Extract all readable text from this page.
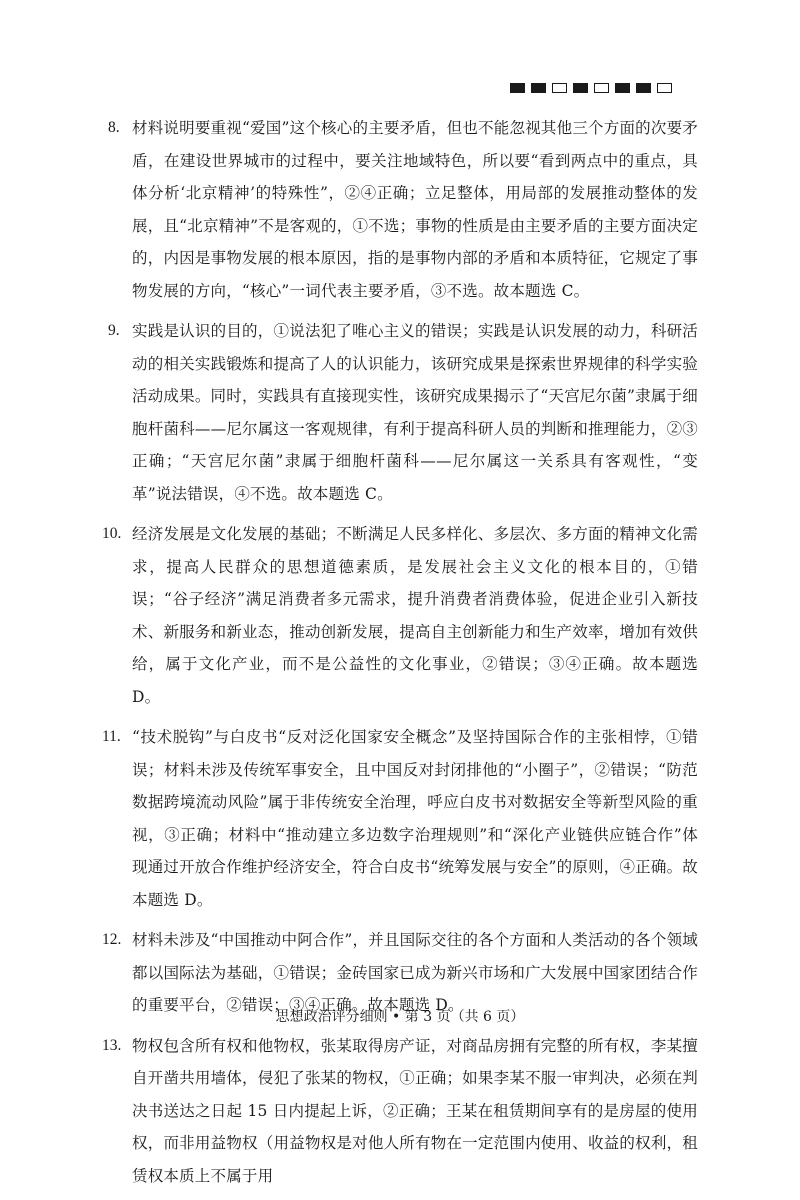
8. 材料说明要重视“爱国”这个核心的主要矛盾，但也不能忽视其他三个方面的次要矛盾，在建设世界城市的过程中，要关注地域特色，所以要“看到两点中的重点，具体分析‘北京精神’的特殊性”，②④正确；立足整体，用局部的发展推动整体的发展，且“北京精神”不是客观的，①不选；事物的性质是由主要矛盾的主要方面决定的，内因是事物发展的根本原因，指的是事物内部的矛盾和本质特征，它规定了事物发展的方向，“核心”一词代表主要矛盾，③不选。故本题选 C。
9. 实践是认识的目的，①说法犯了唯心主义的错误；实践是认识发展的动力，科研活动的相关实践锻炼和提高了人的认识能力，该研究成果是探索世界规律的科学实验活动成果。同时，实践具有直接现实性，该研究成果揭示了“天宫尼尔菌”隶属于细胞杆菌科——尼尔属这一客观规律，有利于提高科研人员的判断和推理能力，②③正确；“天宫尼尔菌”隶属于细胞杆菌科——尼尔属这一关系具有客观性，“变革”说法错误，④不选。故本题选 C。
10. 经济发展是文化发展的基础；不断满足人民多样化、多层次、多方面的精神文化需求，提高人民群众的思想道德素质，是发展社会主义文化的根本目的，①错误；“谷子经济”满足消费者多元需求，提升消费者消费体验，促进企业引入新技术、新服务和新业态，推动创新发展，提高自主创新能力和生产效率，增加有效供给，属于文化产业，而不是公益性的文化事业，②错误；③④正确。故本题选 D。
11. “技术脱钩”与白皮书“反对泛化国家安全概念”及坚持国际合作的主张相悖，①错误；材料未涉及传统军事安全，且中国反对封闭排他的“小圈子”，②错误；“防范数据跨境流动风险”属于非传统安全治理，呼应白皮书对数据安全等新型风险的重视，③正确；材料中“推动建立多边数字治理规则”和“深化产业链供应链合作”体现通过开放合作维护经济安全，符合白皮书“统筹发展与安全”的原则，④正确。故本题选 D。
12. 材料未涉及“中国推动中阿合作”，并且国际交往的各个方面和人类活动的各个领域都以国际法为基础，①错误；金砖国家已成为新兴市场和广大发展中国家团结合作的重要平台，②错误；③④正确。故本题选 D。
13. 物权包含所有权和他物权，张某取得房产证，对商品房拥有完整的所有权，李某擅自开凿共用墙体，侵犯了张某的物权，①正确；如果李某不服一审判决，必须在判决书送达之日起 15 日内提起上诉，②正确；王某在租赁期间享有的是房屋的使用权，而非用益物权（用益物权是对他人所有物在一定范围内使用、收益的权利，租赁权本质上不属于用
思想政治评分细则 • 第 3 页（共 6 页）
